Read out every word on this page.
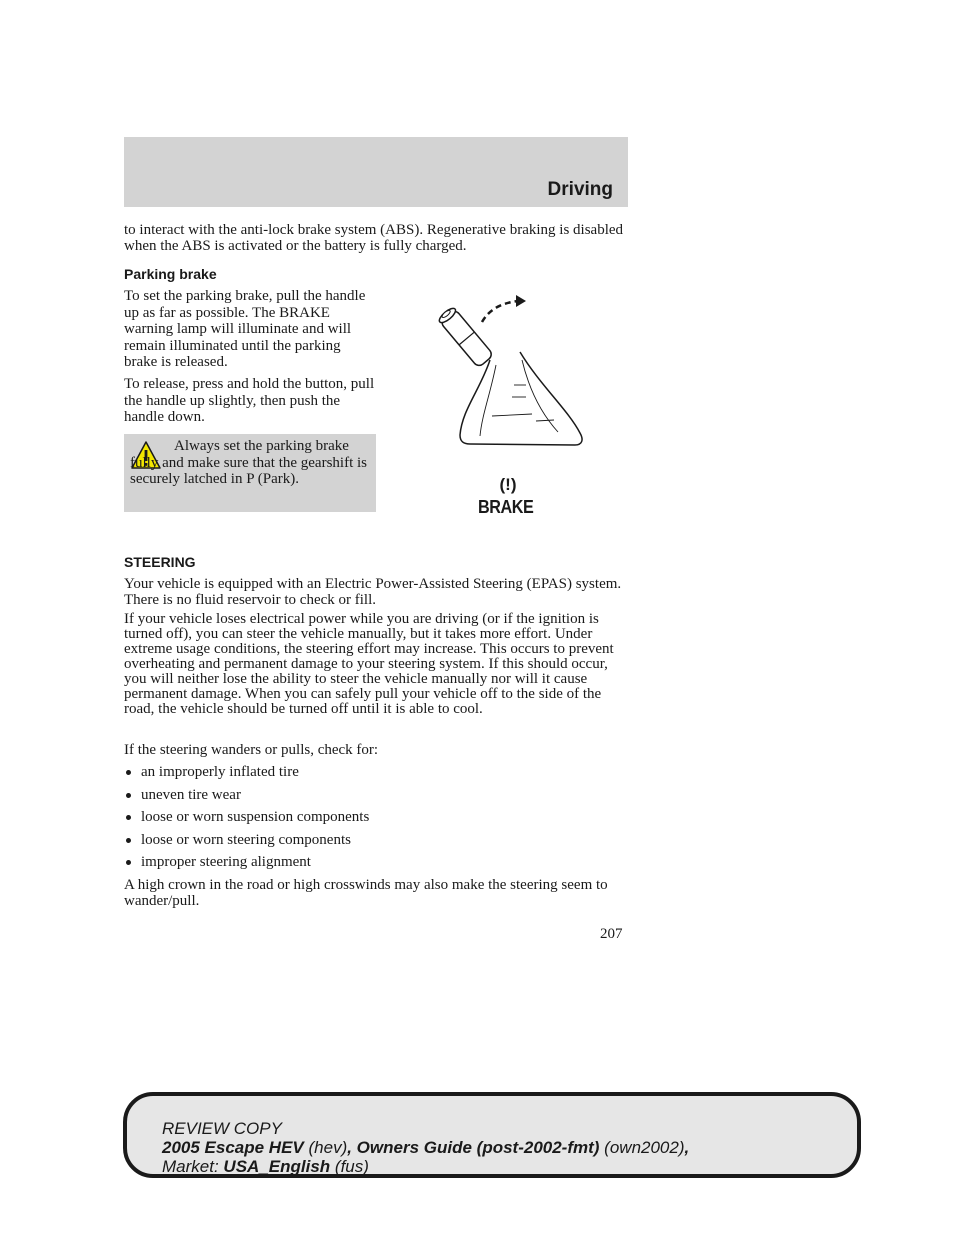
Driving

to interact with the anti-lock brake system (ABS). Regenerative braking is disabled when the ABS is activated or the battery is fully charged.

Parking brake

To set the parking brake, pull the handle up as far as possible. The BRAKE warning lamp will illuminate and will remain illuminated until the parking brake is released.

To release, press and hold the button, pull the handle up slightly, then push the handle down.

Always set the parking brake fully and make sure that the gearshift is securely latched in P (Park).	(!)
BRAKE
STEERING

Your vehicle is equipped with an Electric Power-Assisted Steering (EPAS) system. There is no fluid reservoir to check or fill.

If your vehicle loses electrical power while you are driving (or if the ignition is turned off), you can steer the vehicle manually, but it takes more effort. Under extreme usage conditions, the steering effort may increase. This occurs to prevent overheating and permanent damage to your steering system. If this should occur, you will neither lose the ability to steer the vehicle manually nor will it cause permanent damage. When you can safely pull your vehicle off to the side of the road, the vehicle should be turned off until it is able to cool.

If the steering wanders or pulls, check for:

an improperly inflated tire
uneven tire wear
loose or worn suspension components
loose or worn steering components
improper steering alignment

A high crown in the road or high crosswinds may also make the steering seem to wander/pull.

207
REVIEW COPY
2005 Escape HEV (hev), Owners Guide (post-2002-fmt) (own2002),
Market: USA_English (fus)
